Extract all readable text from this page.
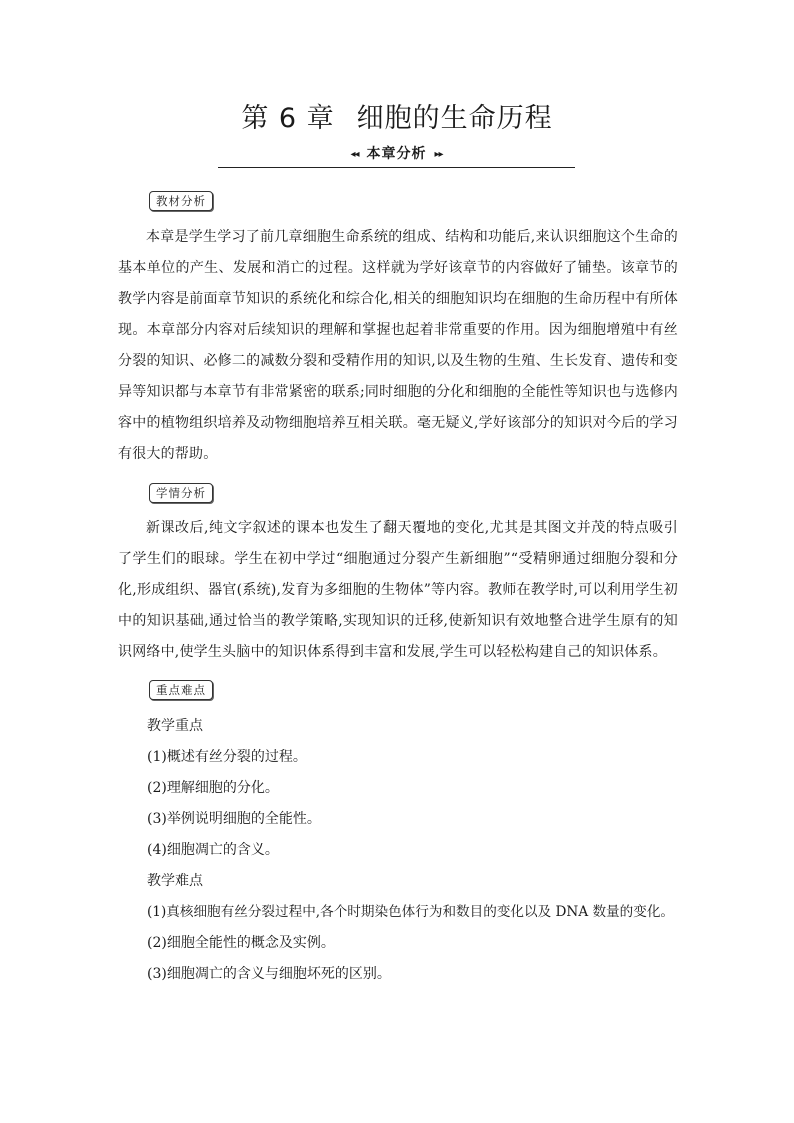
第 6 章 细胞的生命历程
◂◂ 本章分析 ▸▸
教材分析
本章是学生学习了前几章细胞生命系统的组成、结构和功能后,来认识细胞这个生命的基本单位的产生、发展和消亡的过程。这样就为学好该章节的内容做好了铺垫。该章节的教学内容是前面章节知识的系统化和综合化,相关的细胞知识均在细胞的生命历程中有所体现。本章部分内容对后续知识的理解和掌握也起着非常重要的作用。因为细胞增殖中有丝分裂的知识、必修二的减数分裂和受精作用的知识,以及生物的生殖、生长发育、遗传和变异等知识都与本章节有非常紧密的联系;同时细胞的分化和细胞的全能性等知识也与选修内容中的植物组织培养及动物细胞培养互相关联。毫无疑义,学好该部分的知识对今后的学习有很大的帮助。
学情分析
新课改后,纯文字叙述的课本也发生了翻天覆地的变化,尤其是其图文并茂的特点吸引了学生们的眼球。学生在初中学过“细胞通过分裂产生新细胞”“受精卵通过细胞分裂和分化,形成组织、器官(系统),发育为多细胞的生物体”等内容。教师在教学时,可以利用学生初中的知识基础,通过恰当的教学策略,实现知识的迁移,使新知识有效地整合进学生原有的知识网络中,使学生头脑中的知识体系得到丰富和发展,学生可以轻松构建自己的知识体系。
重点难点
教学重点
(1)概述有丝分裂的过程。
(2)理解细胞的分化。
(3)举例说明细胞的全能性。
(4)细胞凋亡的含义。
教学难点
(1)真核细胞有丝分裂过程中,各个时期染色体行为和数目的变化以及 DNA 数量的变化。
(2)细胞全能性的概念及实例。
(3)细胞凋亡的含义与细胞坏死的区别。
